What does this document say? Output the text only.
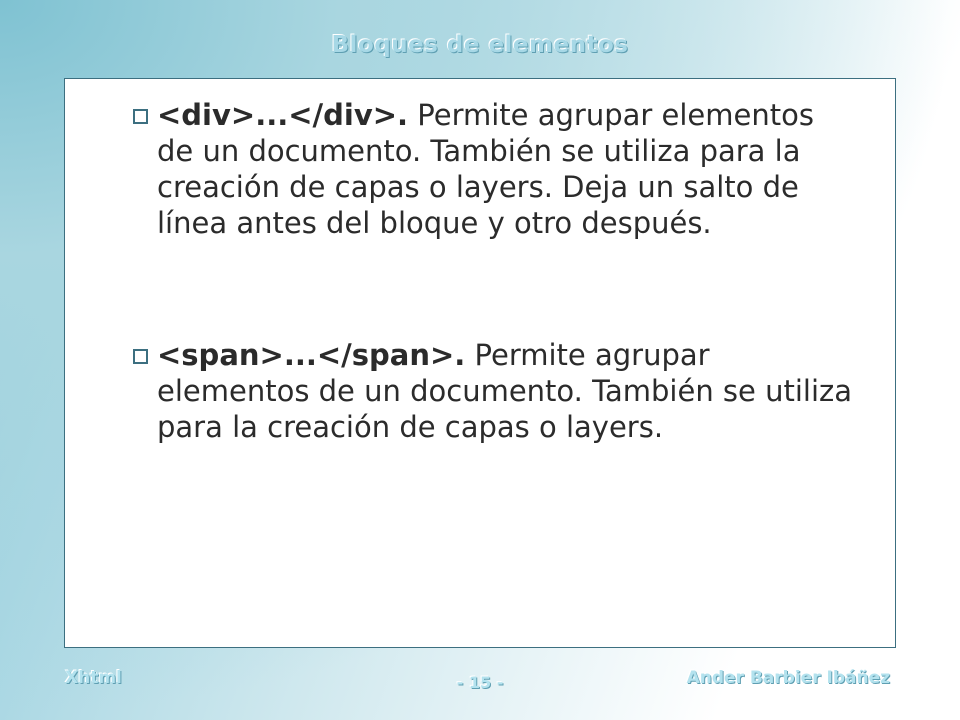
Bloques de elementos
<div>...</div>. Permite agrupar elementos de un documento. También se utiliza para la creación de capas o layers. Deja un salto de línea antes del bloque y otro después.
<span>...</span>. Permite agrupar elementos de un documento. También se utiliza para la creación de capas o layers.
Xhtml	- 15 -	Ander Barbier Ibáñez
